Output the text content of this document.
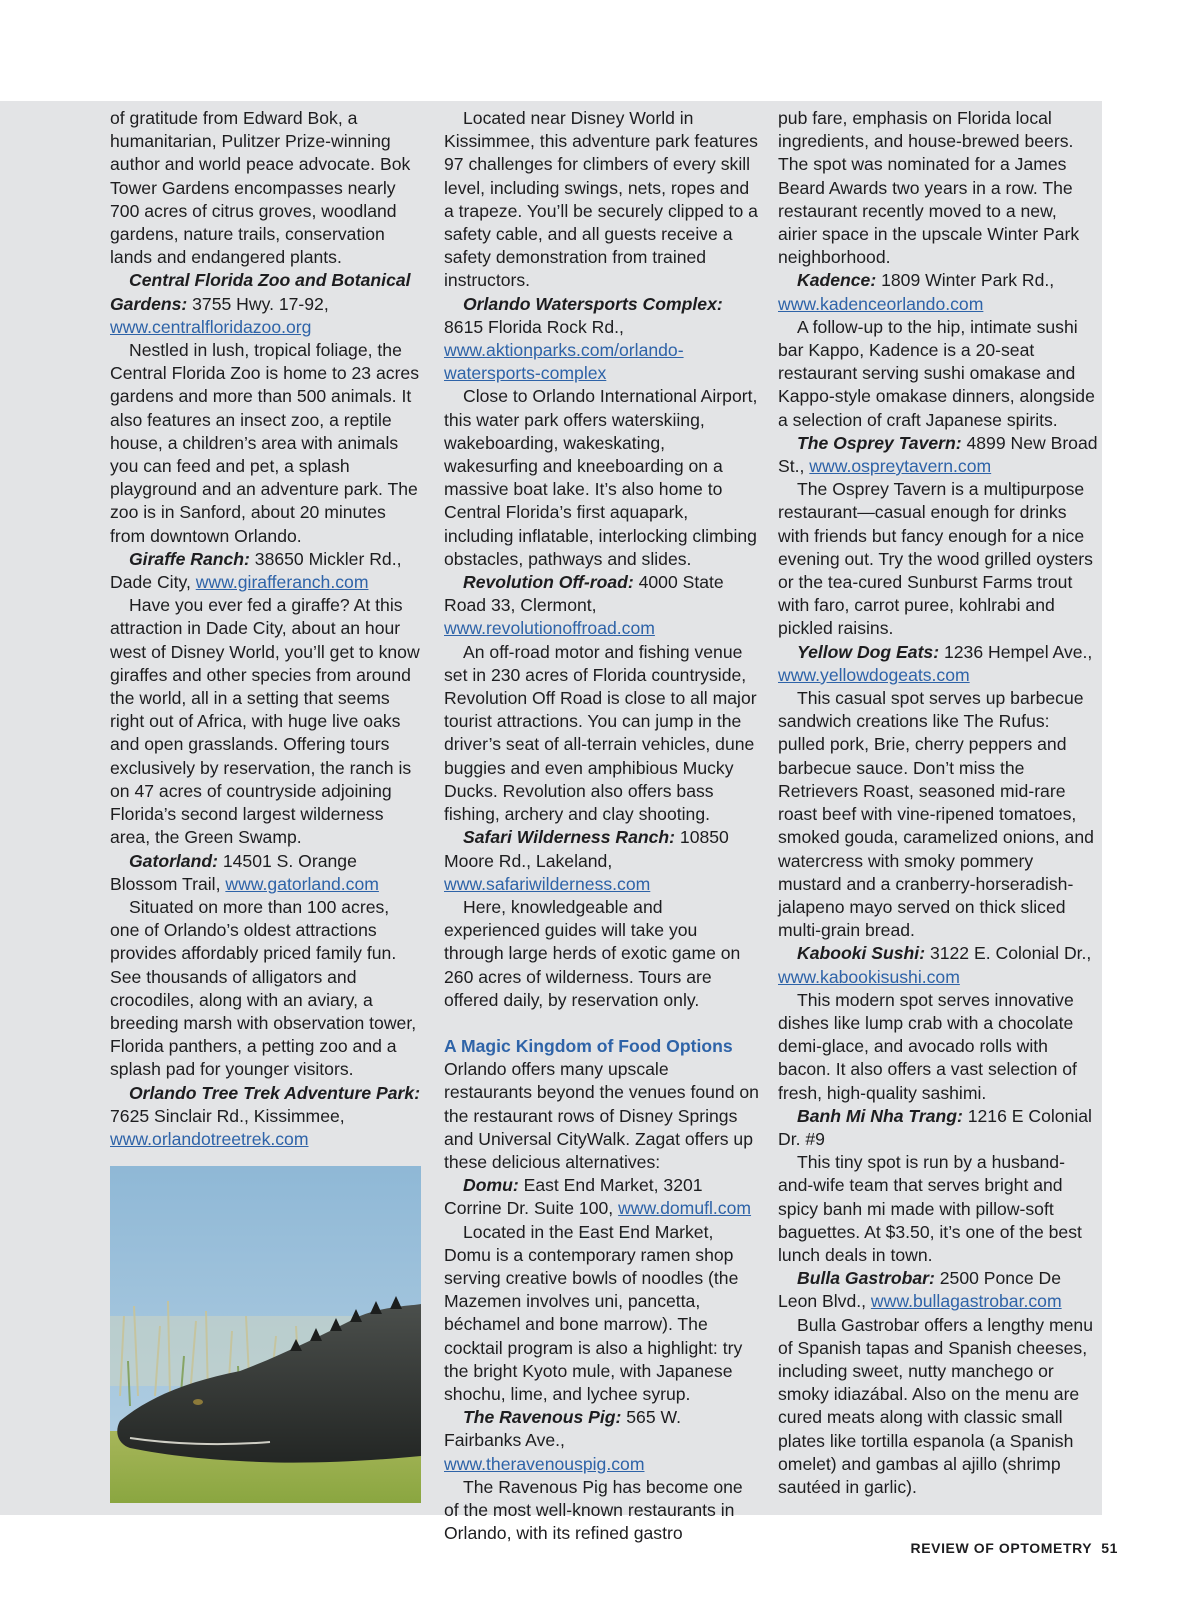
of gratitude from Edward Bok, a humanitarian, Pulitzer Prize-winning author and world peace advocate. Bok Tower Gardens encompasses nearly 700 acres of citrus groves, woodland gardens, nature trails, conservation lands and endangered plants.

Central Florida Zoo and Botanical Gardens: 3755 Hwy. 17-92, www.centralfloridazoo.org

Nestled in lush, tropical foliage, the Central Florida Zoo is home to 23 acres gardens and more than 500 animals. It also features an insect zoo, a reptile house, a children’s area with animals you can feed and pet, a splash playground and an adventure park. The zoo is in Sanford, about 20 minutes from downtown Orlando.

Giraffe Ranch: 38650 Mickler Rd., Dade City, www.girafferanch.com

Have you ever fed a giraffe? At this attraction in Dade City, about an hour west of Disney World, you’ll get to know giraffes and other species from around the world, all in a setting that seems right out of Africa, with huge live oaks and open grasslands. Offering tours exclusively by reservation, the ranch is on 47 acres of countryside adjoining Florida’s second largest wilderness area, the Green Swamp.

Gatorland: 14501 S. Orange Blossom Trail, www.gatorland.com

Situated on more than 100 acres, one of Orlando’s oldest attractions provides affordably priced family fun. See thousands of alligators and crocodiles, along with an aviary, a breeding marsh with observation tower, Florida panthers, a petting zoo and a splash pad for younger visitors.

Orlando Tree Trek Adventure Park: 7625 Sinclair Rd., Kissimmee, www.orlandotreetrek.com

Located near Disney World in Kissimmee, this adventure park features 97 challenges for climbers of every skill level, including swings, nets, ropes and a trapeze. You’ll be securely clipped to a safety cable, and all guests receive a safety demonstration from trained instructors.

Orlando Watersports Complex: 8615 Florida Rock Rd., www.aktionparks.com/orlando-watersports-complex

Close to Orlando International Airport, this water park offers waterskiing, wakeboarding, wakeskating, wakesurfing and kneeboarding on a massive boat lake. It’s also home to Central Florida’s first aquapark, including inflatable, interlocking climbing obstacles, pathways and slides.

Revolution Off-road: 4000 State Road 33, Clermont, www.revolutionoffroad.com

An off-road motor and fishing venue set in 230 acres of Florida countryside, Revolution Off Road is close to all major tourist attractions. You can jump in the driver’s seat of all-terrain vehicles, dune buggies and even amphibious Mucky Ducks. Revolution also offers bass fishing, archery and clay shooting.

Safari Wilderness Ranch: 10850 Moore Rd., Lakeland, www.safariwilderness.com

Here, knowledgeable and experienced guides will take you through large herds of exotic game on 260 acres of wilderness. Tours are offered daily, by reservation only.

A Magic Kingdom of Food Options

Orlando offers many upscale restaurants beyond the venues found on the restaurant rows of Disney Springs and Universal CityWalk. Zagat offers up these delicious alternatives:

Domu: East End Market, 3201 Corrine Dr. Suite 100, www.domufl.com

Located in the East End Market, Domu is a contemporary ramen shop serving creative bowls of noodles (the Mazemen involves uni, pancetta, béchamel and bone marrow). The cocktail program is also a highlight: try the bright Kyoto mule, with Japanese shochu, lime, and lychee syrup.

The Ravenous Pig: 565 W. Fairbanks Ave., www.theravenouspig.com

The Ravenous Pig has become one of the most well-known restaurants in Orlando, with its refined gastro

pub fare, emphasis on Florida local ingredients, and house-brewed beers. The spot was nominated for a James Beard Awards two years in a row. The restaurant recently moved to a new, airier space in the upscale Winter Park neighborhood.

Kadence: 1809 Winter Park Rd., www.kadenceorlando.com

A follow-up to the hip, intimate sushi bar Kappo, Kadence is a 20-seat restaurant serving sushi omakase and Kappo-style omakase dinners, alongside a selection of craft Japanese spirits.

The Osprey Tavern: 4899 New Broad St., www.ospreytavern.com

The Osprey Tavern is a multipurpose restaurant—casual enough for drinks with friends but fancy enough for a nice evening out. Try the wood grilled oysters or the tea-cured Sunburst Farms trout with faro, carrot puree, kohlrabi and pickled raisins.

Yellow Dog Eats: 1236 Hempel Ave., www.yellowdogeats.com

This casual spot serves up barbecue sandwich creations like The Rufus: pulled pork, Brie, cherry peppers and barbecue sauce. Don’t miss the Retrievers Roast, seasoned mid-rare roast beef with vine-ripened tomatoes, smoked gouda, caramelized onions, and watercress with smoky pommery mustard and a cranberry-horseradish-jalapeno mayo served on thick sliced multi-grain bread.

Kabooki Sushi: 3122 E. Colonial Dr., www.kabookisushi.com

This modern spot serves innovative dishes like lump crab with a chocolate demi-glace, and avocado rolls with bacon. It also offers a vast selection of fresh, high-quality sashimi.

Banh Mi Nha Trang: 1216 E Colonial Dr. #9

This tiny spot is run by a husband-and-wife team that serves bright and spicy banh mi made with pillow-soft baguettes. At $3.50, it’s one of the best lunch deals in town.

Bulla Gastrobar: 2500 Ponce De Leon Blvd., www.bullagastrobar.com

Bulla Gastrobar offers a lengthy menu of Spanish tapas and Spanish cheeses, including sweet, nutty manchego or smoky idiazábal. Also on the menu are cured meats along with classic small plates like tortilla espanola (a Spanish omelet) and gambas al ajillo (shrimp sautéed in garlic).

REVIEW OF OPTOMETRY 51
